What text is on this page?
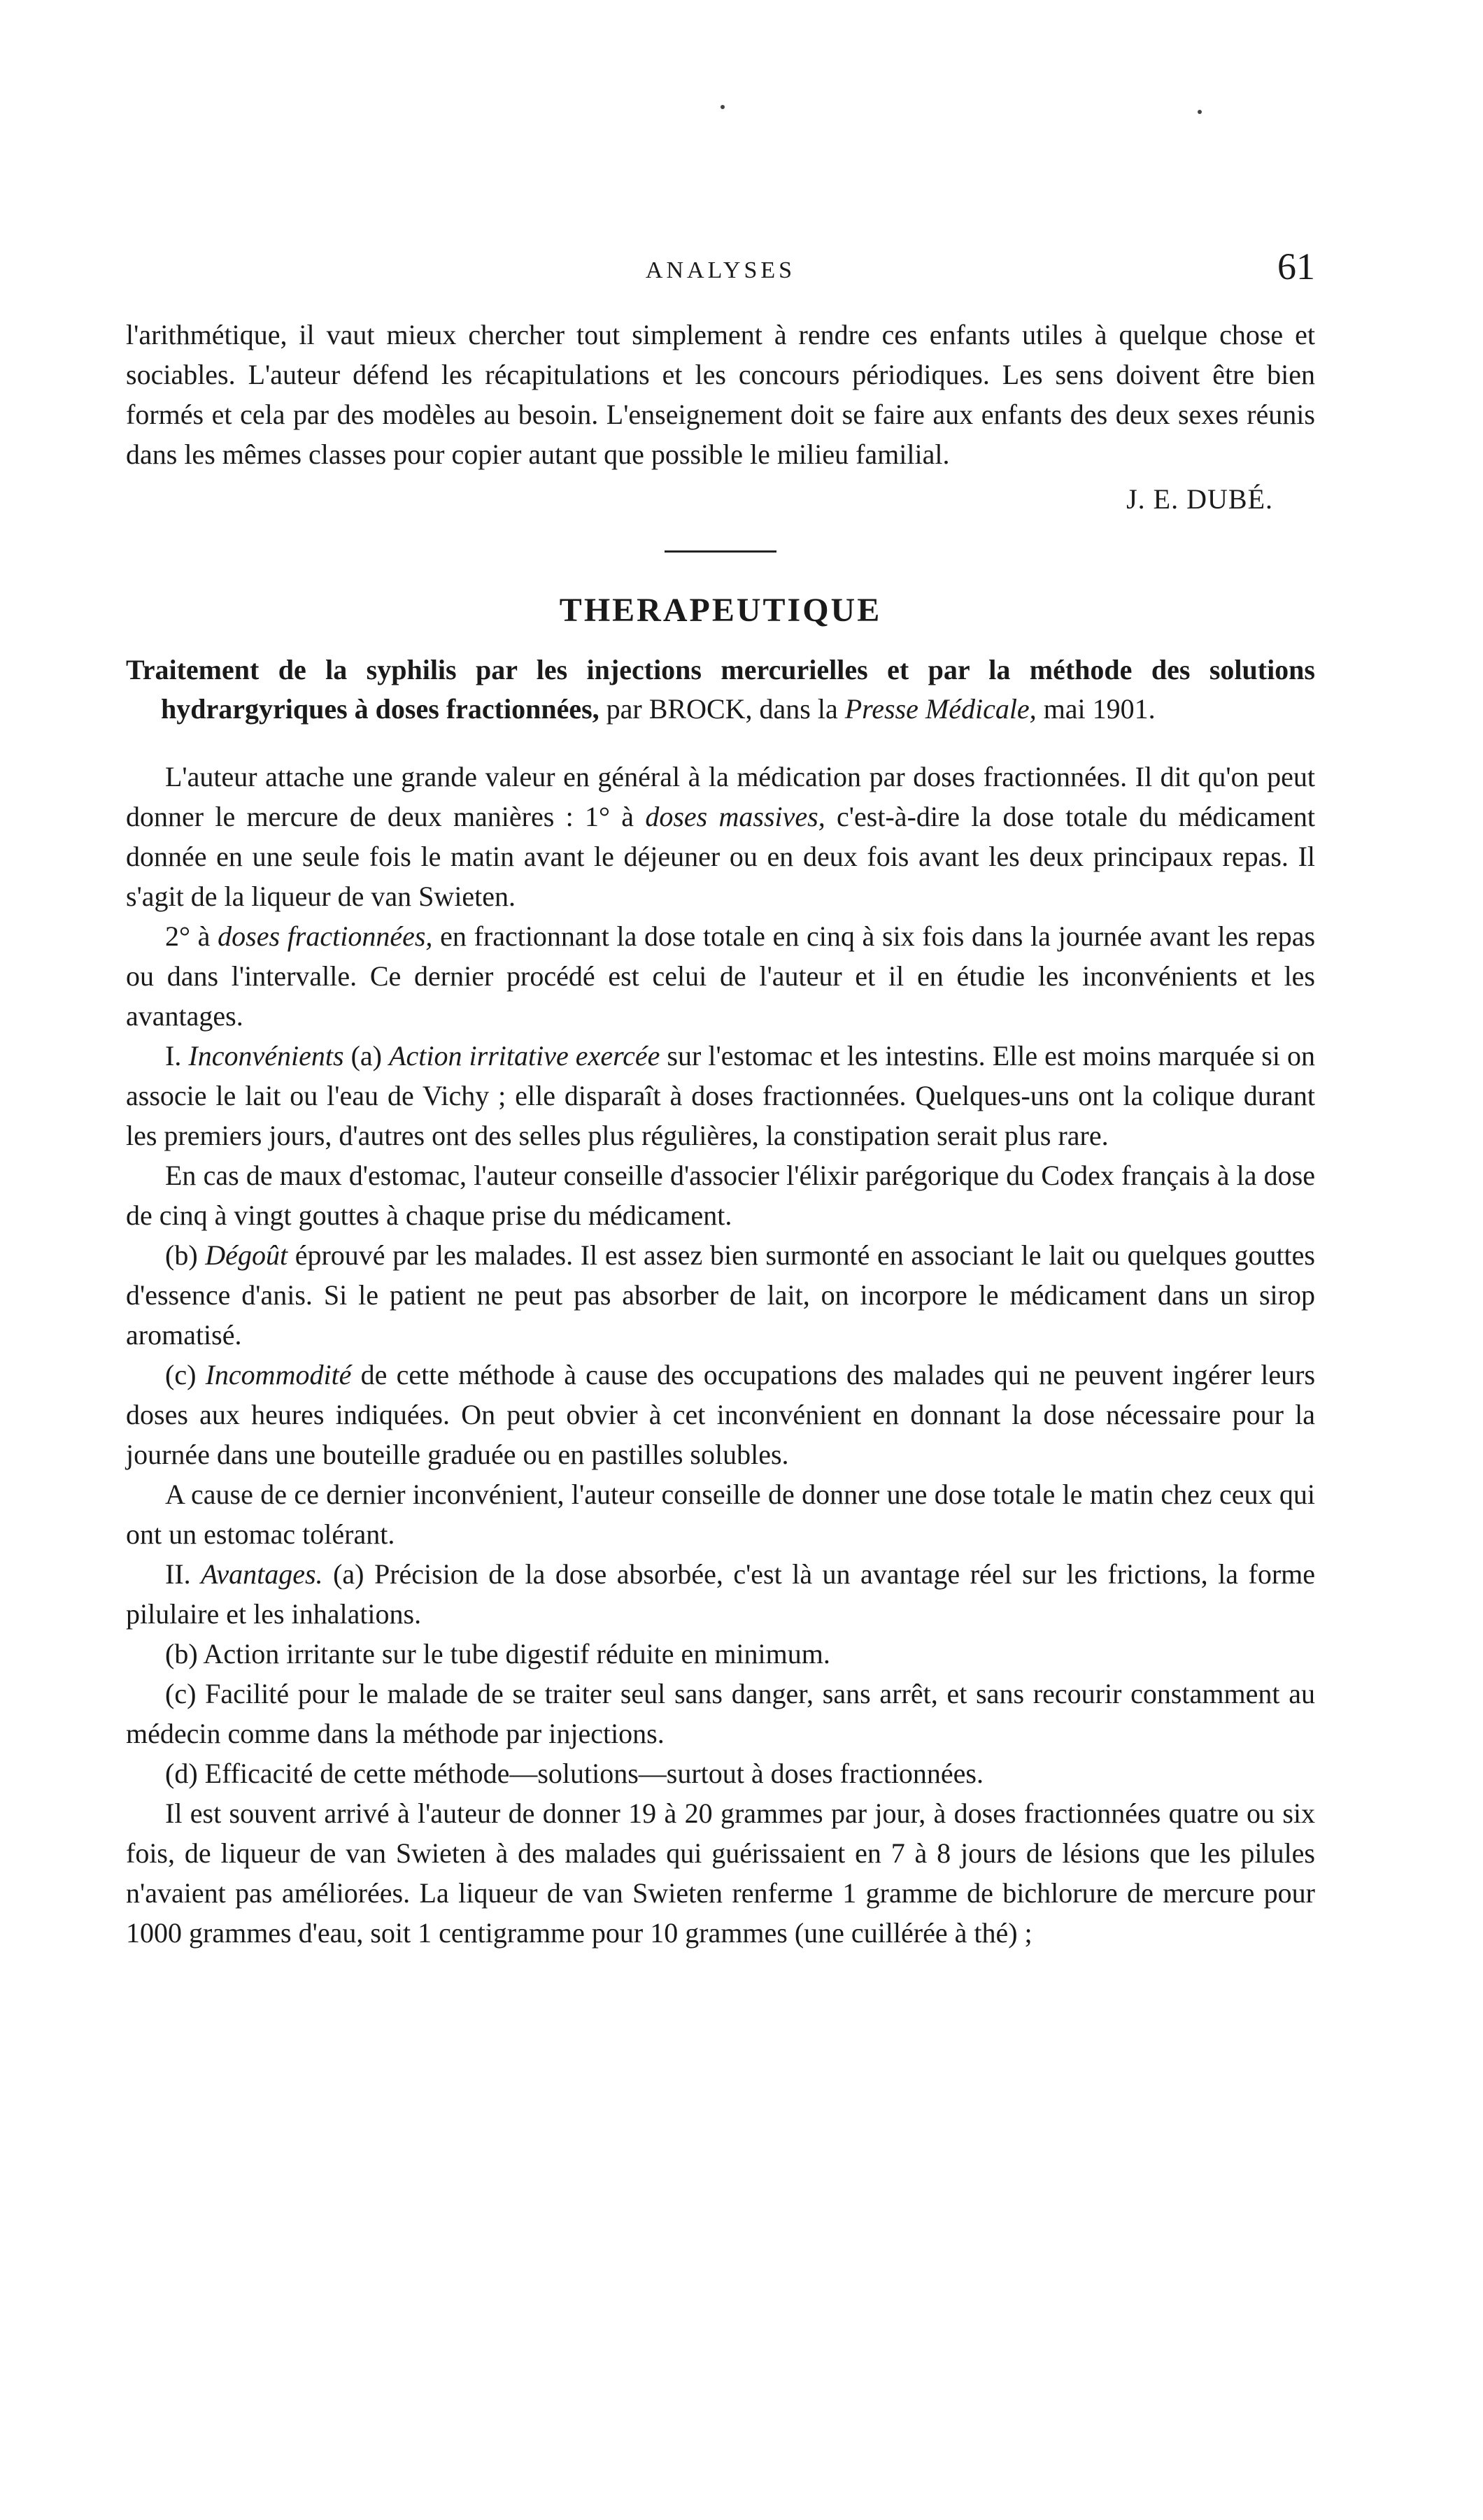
ANALYSES	61

l'arithmétique, il vaut mieux chercher tout simplement à rendre ces enfants utiles à quelque chose et sociables. L'auteur défend les récapitulations et les concours périodiques. Les sens doivent être bien formés et cela par des modèles au besoin. L'enseignement doit se faire aux enfants des deux sexes réunis dans les mêmes classes pour copier autant que possible le milieu familial.

J. E. DUBÉ.
THERAPEUTIQUE

Traitement de la syphilis par les injections mercurielles et par la méthode des solutions hydrargyriques à doses fractionnées, par BROCK, dans la Presse Médicale, mai 1901.

L'auteur attache une grande valeur en général à la médication par doses fractionnées. Il dit qu'on peut donner le mercure de deux manières : 1° à doses massives, c'est-à-dire la dose totale du médicament donnée en une seule fois le matin avant le déjeuner ou en deux fois avant les deux principaux repas. Il s'agit de la liqueur de van Swieten.

2° à doses fractionnées, en fractionnant la dose totale en cinq à six fois dans la journée avant les repas ou dans l'intervalle. Ce dernier procédé est celui de l'auteur et il en étudie les inconvénients et les avantages.

I. Inconvénients (a) Action irritative exercée sur l'estomac et les intestins. Elle est moins marquée si on associe le lait ou l'eau de Vichy ; elle disparaît à doses fractionnées. Quelques-uns ont la colique durant les premiers jours, d'autres ont des selles plus régulières, la constipation serait plus rare.

En cas de maux d'estomac, l'auteur conseille d'associer l'élixir parégorique du Codex français à la dose de cinq à vingt gouttes à chaque prise du médicament.

(b) Dégoût éprouvé par les malades. Il est assez bien surmonté en associant le lait ou quelques gouttes d'essence d'anis. Si le patient ne peut pas absorber de lait, on incorpore le médicament dans un sirop aromatisé.

(c) Incommodité de cette méthode à cause des occupations des malades qui ne peuvent ingérer leurs doses aux heures indiquées. On peut obvier à cet inconvénient en donnant la dose nécessaire pour la journée dans une bouteille graduée ou en pastilles solubles.

A cause de ce dernier inconvénient, l'auteur conseille de donner une dose totale le matin chez ceux qui ont un estomac tolérant.

II. Avantages. (a) Précision de la dose absorbée, c'est là un avantage réel sur les frictions, la forme pilulaire et les inhalations.

(b) Action irritante sur le tube digestif réduite en minimum.

(c) Facilité pour le malade de se traiter seul sans danger, sans arrêt, et sans recourir constamment au médecin comme dans la méthode par injections.

(d) Efficacité de cette méthode—solutions—surtout à doses fractionnées.

Il est souvent arrivé à l'auteur de donner 19 à 20 grammes par jour, à doses fractionnées quatre ou six fois, de liqueur de van Swieten à des malades qui guérissaient en 7 à 8 jours de lésions que les pilules n'avaient pas améliorées. La liqueur de van Swieten renferme 1 gramme de bichlorure de mercure pour 1000 grammes d'eau, soit 1 centigramme pour 10 grammes (une cuillérée à thé) ;
